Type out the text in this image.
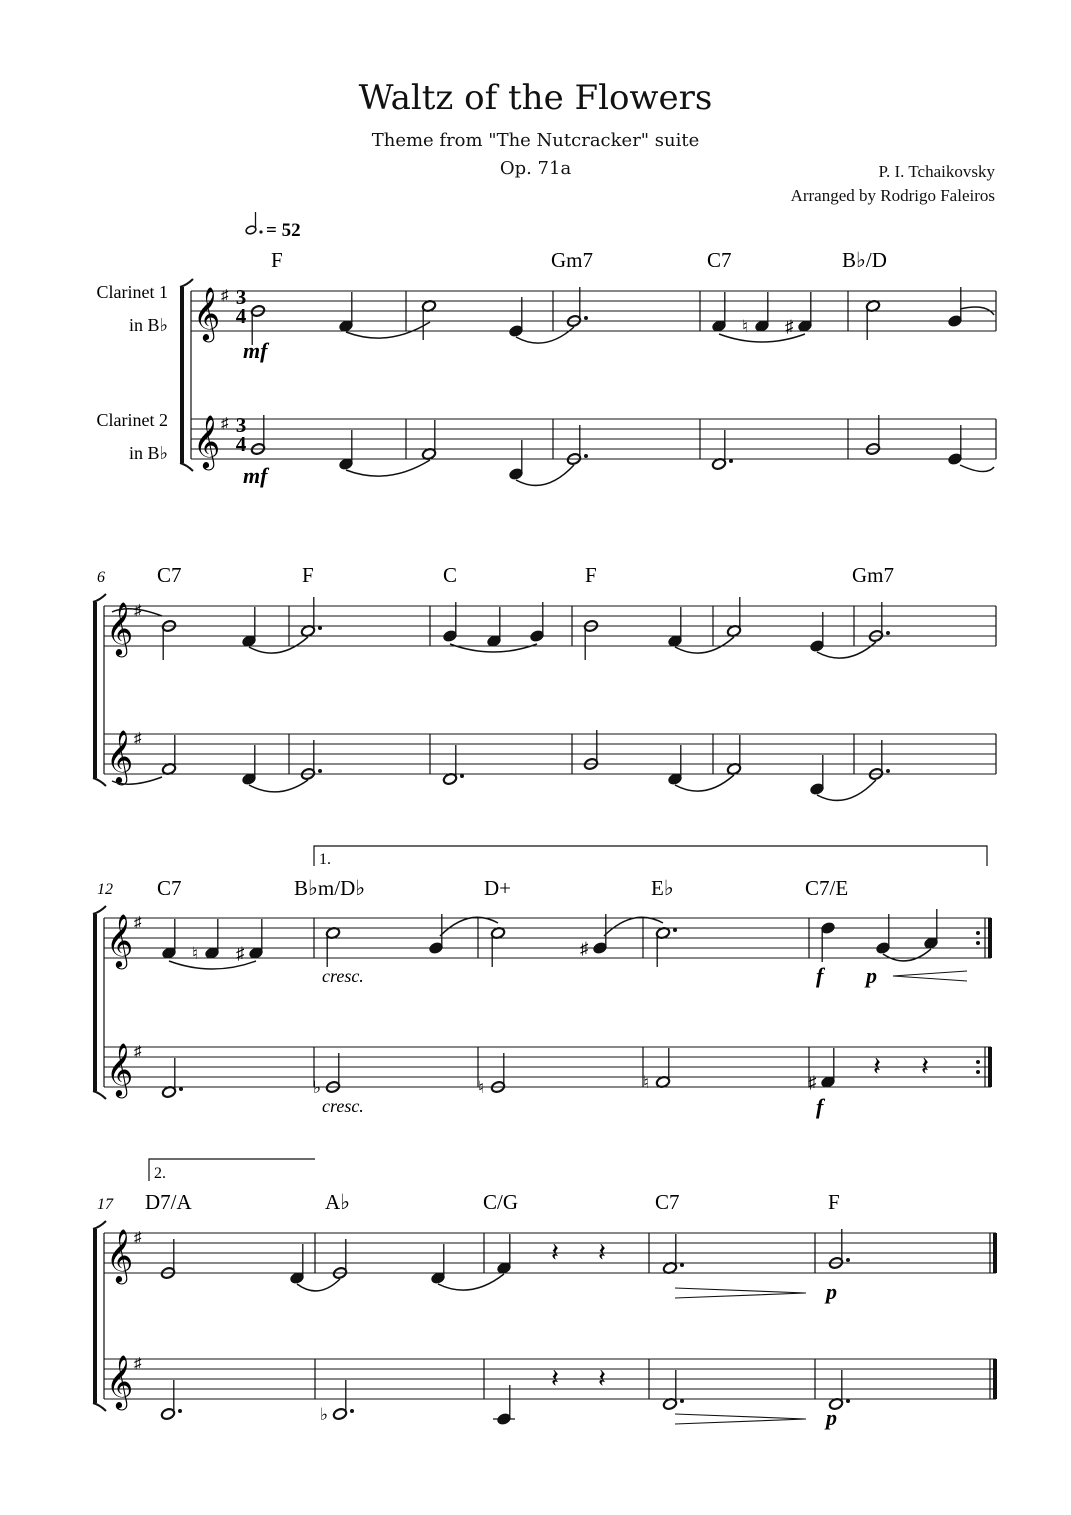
Waltz of the Flowers
Theme from "The Nutcracker" suite
Op. 71a	P. I. Tchaikovsky
Arranged by Rodrigo Faleiros
= 52
Clarinet 1
in B♭
Clarinet 2
in B♭
3
4
3
4
6
12
17
F	Gm7	C7	B♭/D
C7	F	C	F	Gm7
C7	B♭m/D♭	D+	E♭	C7/E
D7/A	A♭	C/G	C7	F
1.
2.
cresc.
cresc.
mf
mf
f p
f
p
p
𝄞
𝄞
♯
♯
𝄞
𝄞
♯
♯
𝄞
𝄞
♯
♯
𝄞
𝄞
♯
♯
♮ ♯
♮ ♯	♯
♭	♮	♮	♯
𝄽 𝄽
𝄽 𝄽
♭
𝄽 𝄽
